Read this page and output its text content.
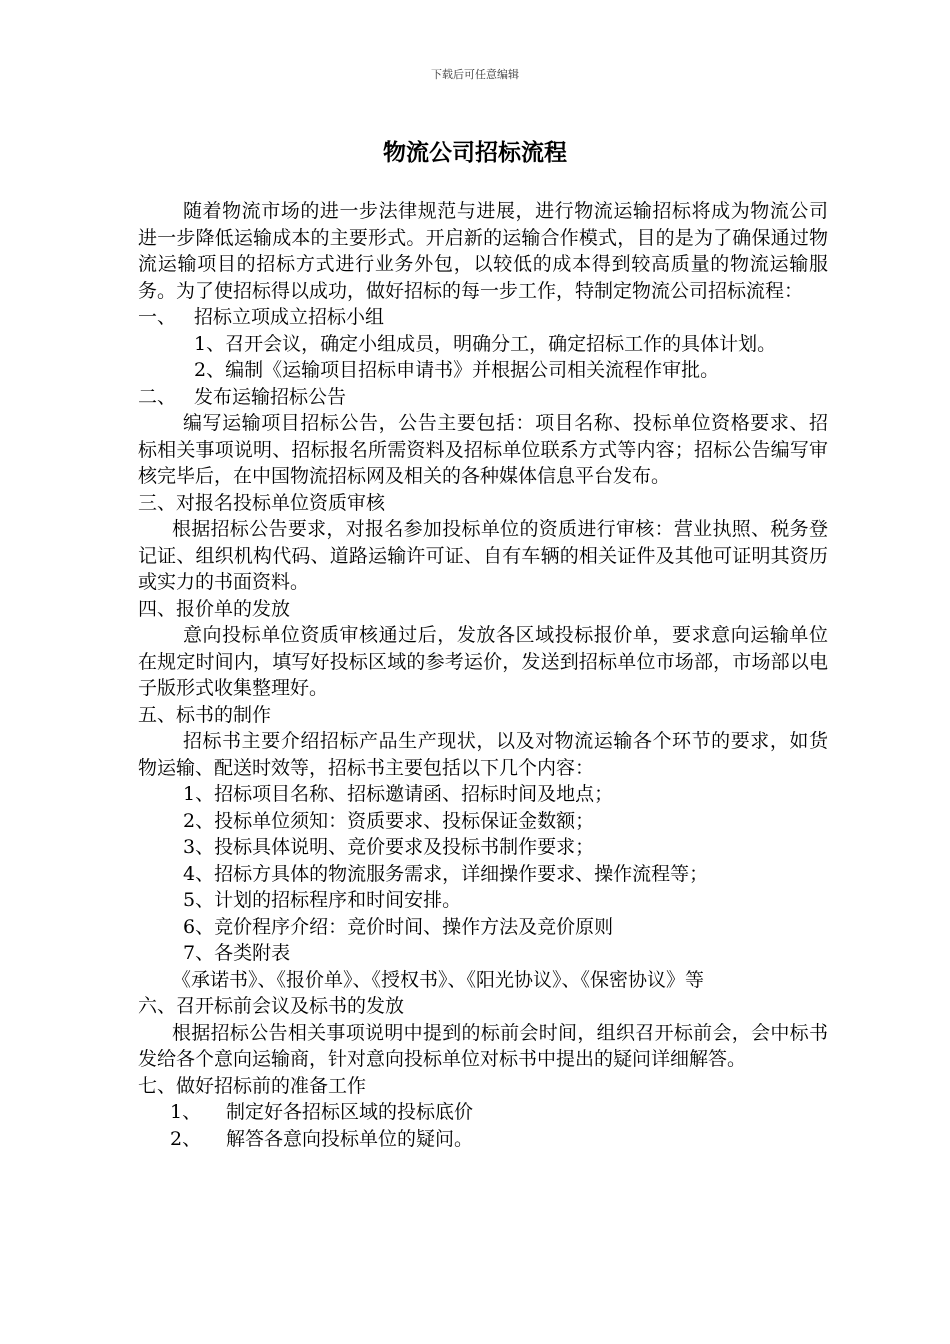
下载后可任意编辑
物流公司招标流程

随着物流市场的进一步法律规范与进展，进行物流运输招标将成为物流公司进一步降低运输成本的主要形式。开启新的运输合作模式，目的是为了确保通过物流运输项目的招标方式进行业务外包，以较低的成本得到较高质量的物流运输服务。为了使招标得以成功，做好招标的每一步工作，特制定物流公司招标流程：

一、 招标立项成立招标小组

1、召开会议，确定小组成员，明确分工，确定招标工作的具体计划。

2、编制《运输项目招标申请书》并根据公司相关流程作审批。

二、 发布运输招标公告

编写运输项目招标公告，公告主要包括：项目名称、投标单位资格要求、招标相关事项说明、招标报名所需资料及招标单位联系方式等内容；招标公告编写审核完毕后，在中国物流招标网及相关的各种媒体信息平台发布。

三、对报名投标单位资质审核

根据招标公告要求，对报名参加投标单位的资质进行审核：营业执照、税务登记证、组织机构代码、道路运输许可证、自有车辆的相关证件及其他可证明其资历或实力的书面资料。

四、报价单的发放

意向投标单位资质审核通过后，发放各区域投标报价单，要求意向运输单位在规定时间内，填写好投标区域的参考运价，发送到招标单位市场部，市场部以电子版形式收集整理好。

五、标书的制作

招标书主要介绍招标产品生产现状，以及对物流运输各个环节的要求，如货物运输、配送时效等，招标书主要包括以下几个内容：

1、招标项目名称、招标邀请函、招标时间及地点；

2、投标单位须知：资质要求、投标保证金数额；

3、投标具体说明、竞价要求及投标书制作要求；

4、招标方具体的物流服务需求，详细操作要求、操作流程等；

5、计划的招标程序和时间安排。

6、竞价程序介绍：竞价时间、操作方法及竞价原则

7、各类附表

《承诺书》、《报价单》、《授权书》、《阳光协议》、《保密协议》等

六、召开标前会议及标书的发放

根据招标公告相关事项说明中提到的标前会时间，组织召开标前会，会中标书发给各个意向运输商，针对意向投标单位对标书中提出的疑问详细解答。

七、做好招标前的准备工作

1、 制定好各招标区域的投标底价

2、 解答各意向投标单位的疑问。
